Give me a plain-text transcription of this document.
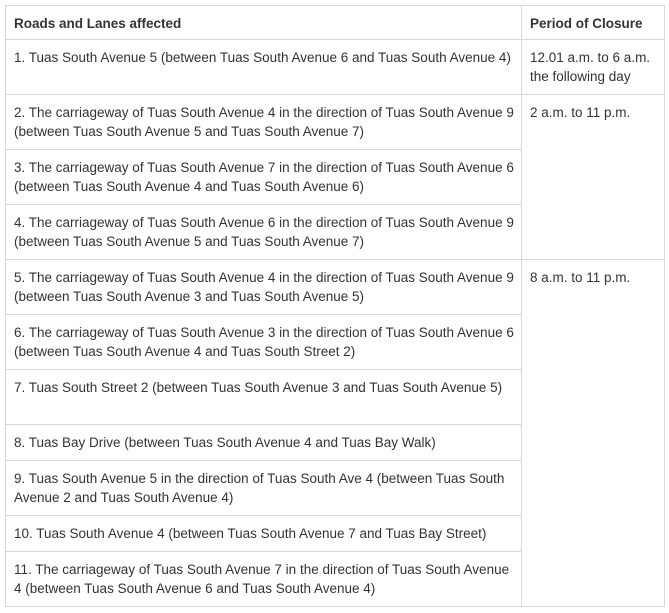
Roads and Lanes affected	Period of Closure
1. Tuas South Avenue 5 (between Tuas South Avenue 6 and Tuas South Avenue 4)	12.01 a.m. to 6 a.m. the following day
2. The carriageway of Tuas South Avenue 4 in the direction of Tuas South Avenue 9 (between Tuas South Avenue 5 and Tuas South Avenue 7)	2 a.m. to 11 p.m.
3. The carriageway of Tuas South Avenue 7 in the direction of Tuas South Avenue 6 (between Tuas South Avenue 4 and Tuas South Avenue 6)	
4. The carriageway of Tuas South Avenue 6 in the direction of Tuas South Avenue 9 (between Tuas South Avenue 5 and Tuas South Avenue 7)	
5. The carriageway of Tuas South Avenue 4 in the direction of Tuas South Avenue 9 (between Tuas South Avenue 3 and Tuas South Avenue 5)	8 a.m. to 11 p.m.
6. The carriageway of Tuas South Avenue 3 in the direction of Tuas South Avenue 6 (between Tuas South Avenue 4 and Tuas South Street 2)	
7. Tuas South Street 2 (between Tuas South Avenue 3 and Tuas South Avenue 5)	
8. Tuas Bay Drive (between Tuas South Avenue 4 and Tuas Bay Walk)	
9. Tuas South Avenue 5 in the direction of Tuas South Ave 4 (between Tuas South Avenue 2 and Tuas South Avenue 4)	
10. Tuas South Avenue 4 (between Tuas South Avenue 7 and Tuas Bay Street)	
11. The carriageway of Tuas South Avenue 7 in the direction of Tuas South Avenue 4 (between Tuas South Avenue 6 and Tuas South Avenue 4)	
